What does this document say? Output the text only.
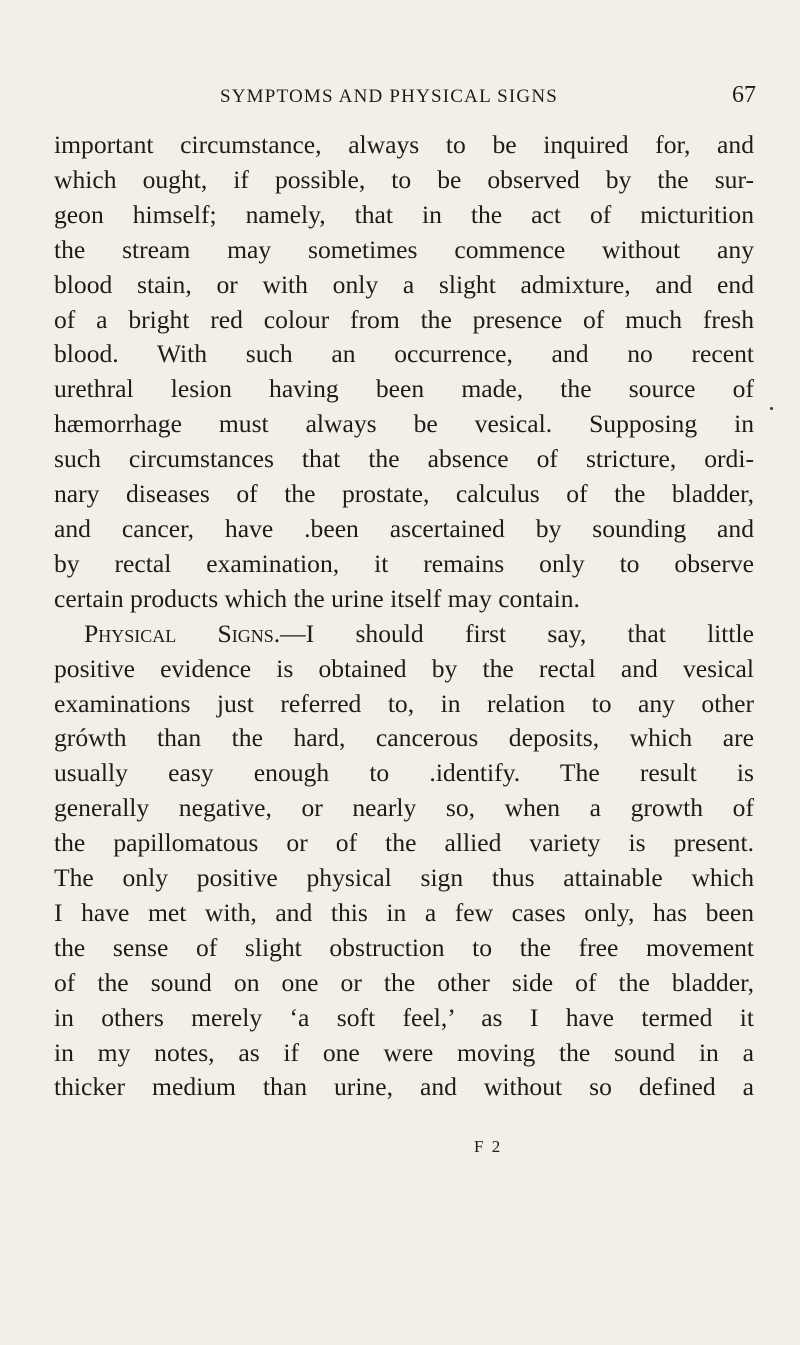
SYMPTOMS AND PHYSICAL SIGNS	67
important circumstance, always to be inquired for, and
which ought, if possible, to be observed by the sur-
geon himself; namely, that in the act of micturition
the stream may sometimes commence without any
blood stain, or with only a slight admixture, and end
of a bright red colour from the presence of much fresh
blood. With such an occurrence, and no recent
urethral lesion having been made, the source of
hæmorrhage must always be vesical. Supposing in
such circumstances that the absence of stricture, ordi-
nary diseases of the prostate, calculus of the bladder,
and cancer, have .been ascertained by sounding and
by rectal examination, it remains only to observe
certain products which the urine itself may contain.
Physical Signs.—I should first say, that little
positive evidence is obtained by the rectal and vesical
examinations just referred to, in relation to any other
grówth than the hard, cancerous deposits, which are
usually easy enough to .identify. The result is
generally negative, or nearly so, when a growth of
the papillomatous or of the allied variety is present.
The only positive physical sign thus attainable which
I have met with, and this in a few cases only, has been
the sense of slight obstruction to the free movement
of the sound on one or the other side of the bladder,
in others merely ‘a soft feel,’ as I have termed it
in my notes, as if one were moving the sound in a
thicker medium than urine, and without so defined a
F 2
